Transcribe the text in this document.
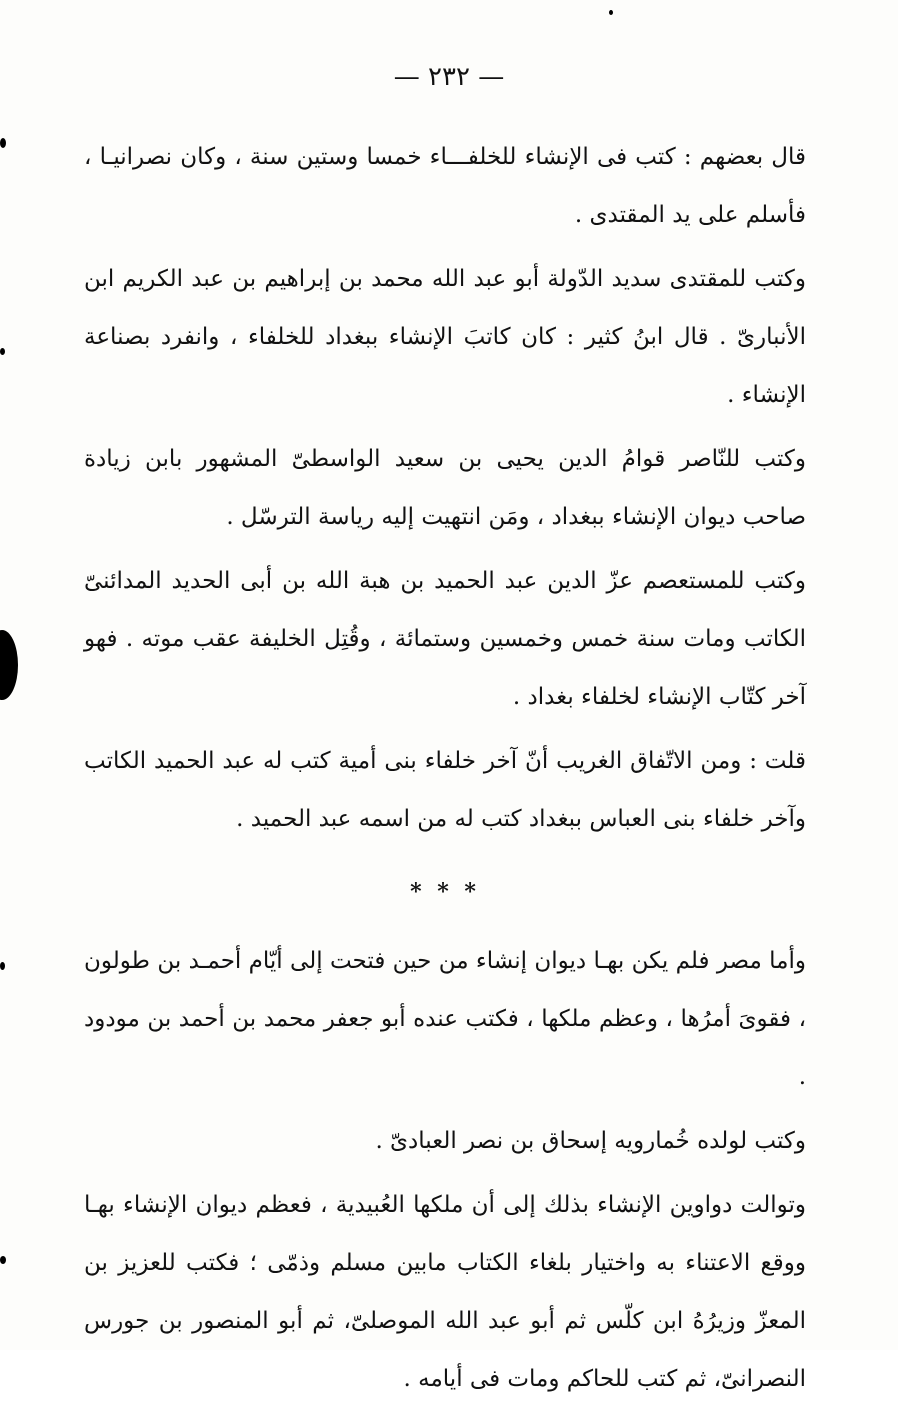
— ٢٣٢ —

قال بعضهم : كتب فى الإنشاء للخلفـــاء خمسا وستين سنة ، وكان نصرانيـا ، فأسلم على يد المقتدى .

وكتب للمقتدى سديد الدّولة أبو عبد الله محمد بن إبراهيم بن عبد الكريم ابن الأنبارىّ . قال ابنُ كثير : كان كاتبَ الإنشاء ببغداد للخلفاء ، وانفرد بصناعة الإنشاء .

وكتب للنّاصر قوامُ الدين يحيى بن سعيد الواسطىّ المشهور بابن زيادة صاحب ديوان الإنشاء ببغداد ، ومَن انتهيت إليه رياسة الترسّل .

وكتب للمستعصم عزّ الدين عبد الحميد بن هبة الله بن أبى الحديد المدائنىّ الكاتب ومات سنة خمس وخمسين وستمائة ، وقُتِل الخليفة عقب موته . فهو آخر كتّاب الإنشاء لخلفاء بغداد .

قلت : ومن الاتّفاق الغريب أنّ آخر خلفاء بنى أمية كتب له عبد الحميد الكاتب وآخر خلفاء بنى العباس ببغداد كتب له من اسمه عبد الحميد .

* * *

وأما مصر فلم يكن بهـا ديوان إنشاء من حين فتحت إلى أيّام أحمـد بن طولون ، فقوىَ أمرُها ، وعظم ملكها ، فكتب عنده أبو جعفر محمد بن أحمد بن مودود .

وكتب لولده خُمارويه إسحاق بن نصر العبادىّ .

وتوالت دواوين الإنشاء بذلك إلى أن ملكها العُبيدية ، فعظم ديوان الإنشاء بهـا ووقع الاعتناء به واختيار بلغاء الكتاب مابين مسلم وذمّى ؛ فكتب للعزيز بن المعزّ وزيرُهُ ابن كلّس ثم أبو عبد الله الموصلىّ، ثم أبو المنصور بن جورس النصرانىّ، ثم كتب للحاكم ومات فى أيامه .
